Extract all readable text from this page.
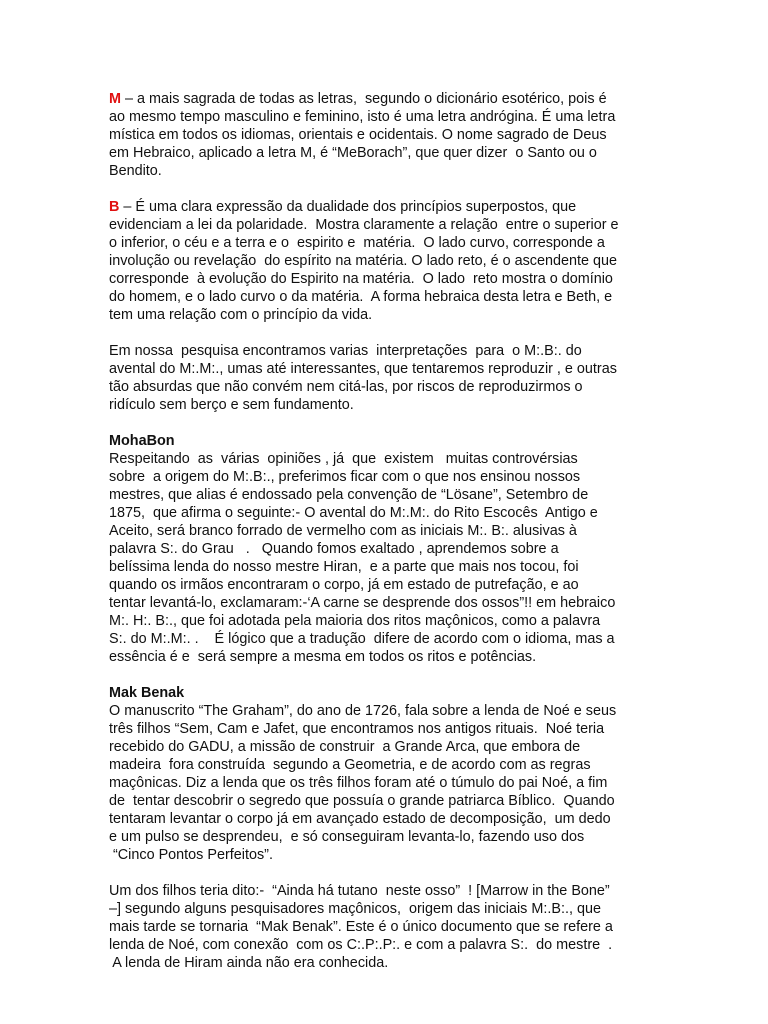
M – a mais sagrada de todas as letras,  segundo o dicionário esotérico, pois é
ao mesmo tempo masculino e feminino, isto é uma letra andrógina. É uma letra
mística em todos os idiomas, orientais e ocidentais. O nome sagrado de Deus
em Hebraico, aplicado a letra M, é “MeBorach”, que quer dizer  o Santo ou o
Bendito.
B – É uma clara expressão da dualidade dos princípios superpostos, que
evidenciam a lei da polaridade.  Mostra claramente a relação  entre o superior e
o inferior, o céu e a terra e o  espirito e  matéria.  O lado curvo, corresponde a
involução ou revelação  do espírito na matéria. O lado reto, é o ascendente que
corresponde  à evolução do Espirito na matéria.  O lado  reto mostra o domínio
do homem, e o lado curvo o da matéria.  A forma hebraica desta letra e Beth, e
tem uma relação com o princípio da vida.
Em nossa  pesquisa encontramos varias  interpretações  para  o M:.B:. do
avental do M:.M:., umas até interessantes, que tentaremos reproduzir , e outras
tão absurdas que não convém nem citá-las, por riscos de reproduzirmos o
ridículo sem berço e sem fundamento.
MohaBon
Respeitando  as  várias  opiniões , já  que  existem   muitas controvérsias
sobre  a origem do M:.B:., preferimos ficar com o que nos ensinou nossos
mestres, que alias é endossado pela convenção de “Lösane”, Setembro de
1875,  que afirma o seguinte:- O avental do M:.M:. do Rito Escocês  Antigo e
Aceito, será branco forrado de vermelho com as iniciais M:. B:. alusivas à
palavra S:. do Grau   .   Quando fomos exaltado , aprendemos sobre a
belíssima lenda do nosso mestre Hiran,  e a parte que mais nos tocou, foi
quando os irmãos encontraram o corpo, já em estado de putrefação, e ao
tentar levantá-lo, exclamaram:-‘A carne se desprende dos ossos”!! em hebraico
M:. H:. B:., que foi adotada pela maioria dos ritos maçônicos, como a palavra
S:. do M:.M:. .    É lógico que a tradução  difere de acordo com o idioma, mas a
essência é e  será sempre a mesma em todos os ritos e potências.
Mak Benak
O manuscrito “The Graham”, do ano de 1726, fala sobre a lenda de Noé e seus
três filhos “Sem, Cam e Jafet, que encontramos nos antigos rituais.  Noé teria
recebido do GADU, a missão de construir  a Grande Arca, que embora de
madeira  fora construída  segundo a Geometria, e de acordo com as regras
maçônicas. Diz a lenda que os três filhos foram até o túmulo do pai Noé, a fim
de  tentar descobrir o segredo que possuía o grande patriarca Bíblico.  Quando
tentaram levantar o corpo já em avançado estado de decomposição,  um dedo
e um pulso se desprendeu,  e só conseguiram levanta-lo, fazendo uso dos
“Cinco Pontos Perfeitos”.
Um dos filhos teria dito:-  “Ainda há tutano  neste osso”  ! [Marrow in the Bone”
–] segundo alguns pesquisadores maçônicos,  origem das iniciais M:.B:., que
mais tarde se tornaria  “Mak Benak”. Este é o único documento que se refere a
lenda de Noé, com conexão  com os C:.P:.P:. e com a palavra S:.  do mestre  .
A lenda de Hiram ainda não era conhecida.
